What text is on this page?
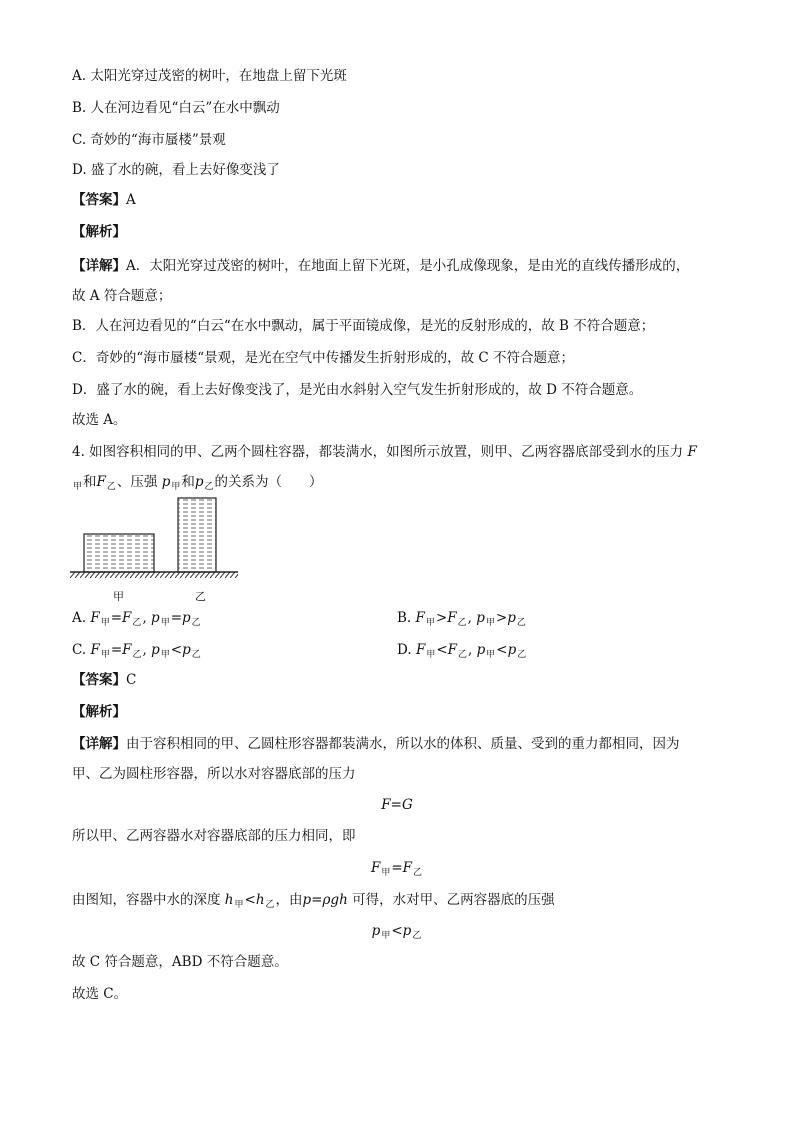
A. 太阳光穿过茂密的树叶，在地盘上留下光斑
B. 人在河边看见“白云”在水中飘动
C. 奇妙的“海市蜃楼”景观
D. 盛了水的碗，看上去好像变浅了
【答案】A
【解析】
【详解】A．太阳光穿过茂密的树叶，在地面上留下光斑，是小孔成像现象，是由光的直线传播形成的，
故 A 符合题意；
B．人在河边看见的“白云“在水中飘动，属于平面镜成像，是光的反射形成的，故 B 不符合题意；
C．奇妙的“海市蜃楼“景观，是光在空气中传播发生折射形成的，故 C 不符合题意；
D．盛了水的碗，看上去好像变浅了，是光由水斜射入空气发生折射形成的，故 D 不符合题意。
故选 A。
4. 如图容积相同的甲、乙两个圆柱容器，都装满水，如图所示放置，则甲、乙两容器底部受到水的压力 F
$_甲$和$F_乙$、压强 $p_甲$和$p_乙$的关系为（　　）
甲	乙
A. $F_甲=F_乙$, $p_甲=p_乙$	B. $F_甲>F_乙$, $p_甲>p_乙$
C. $F_甲=F_乙$, $p_甲<p_乙$	D. $F_甲<F_乙$, $p_甲<p_乙$
【答案】C
【解析】
【详解】由于容积相同的甲、乙圆柱形容器都装满水，所以水的体积、质量、受到的重力都相同，因为
甲、乙为圆柱形容器，所以水对容器底部的压力
F=G
所以甲、乙两容器水对容器底部的压力相同，即
$F_甲=F_乙$
由图知，容器中水的深度 $h_甲<h_乙$，由p=ρgh 可得，水对甲、乙两容器底的压强
$p_甲<p_乙$
故 C 符合题意，ABD 不符合题意。
故选 C。
